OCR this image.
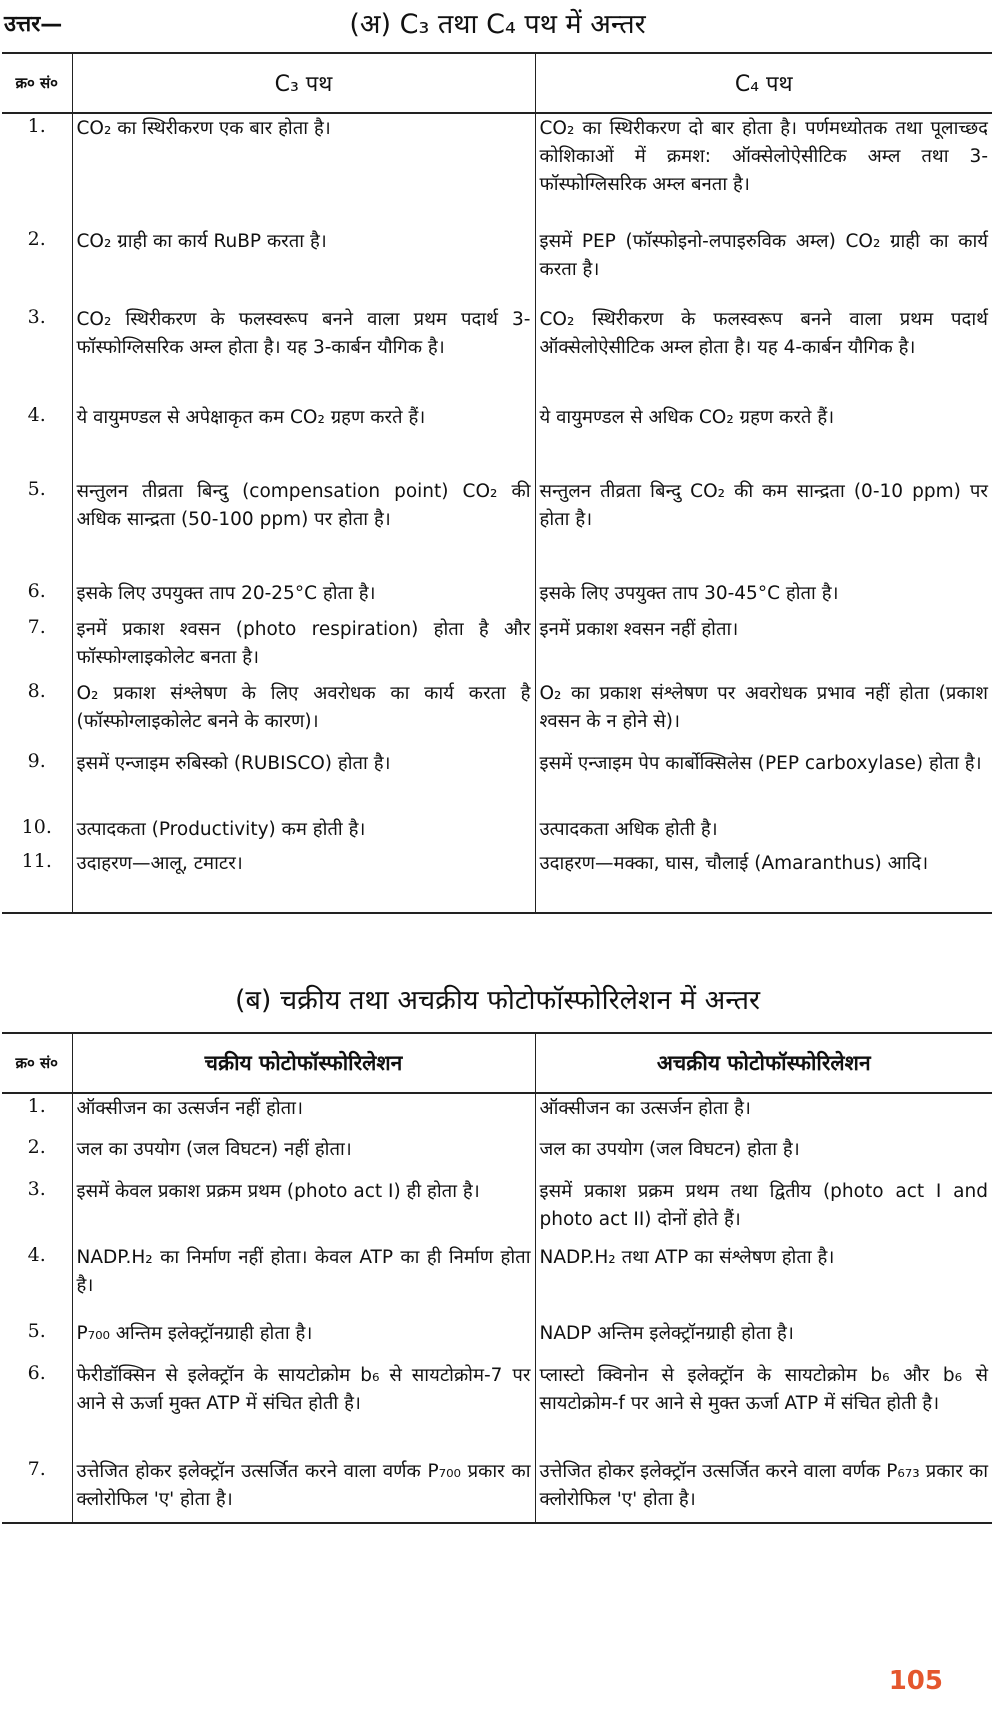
उत्तर—	(अ) C₃ तथा C₄ पथ में अन्तर
क्र० सं०	C₃ पथ	C₄ पथ
1.	CO₂ का स्थिरीकरण एक बार होता है।	CO₂ का स्थिरीकरण दो बार होता है। पर्णमध्योतक तथा पूलाच्छद कोशिकाओं में क्रमश: ऑक्सेलोऐसीटिक अम्ल तथा 3-फॉस्फोग्लिसरिक अम्ल बनता है।
2.	CO₂ ग्राही का कार्य RuBP करता है।	इसमें PEP (फॉस्फोइनो-लपाइरुविक अम्ल) CO₂ ग्राही का कार्य करता है।
3.	CO₂ स्थिरीकरण के फलस्वरूप बनने वाला प्रथम पदार्थ 3-फॉस्फोग्लिसरिक अम्ल होता है। यह 3-कार्बन यौगिक है।	CO₂ स्थिरीकरण के फलस्वरूप बनने वाला प्रथम पदार्थ ऑक्सेलोऐसीटिक अम्ल होता है। यह 4-कार्बन यौगिक है।
4.	ये वायुमण्डल से अपेक्षाकृत कम CO₂ ग्रहण करते हैं।	ये वायुमण्डल से अधिक CO₂ ग्रहण करते हैं।
5.	सन्तुलन तीव्रता बिन्दु (compensation point) CO₂ की अधिक सान्द्रता (50-100 ppm) पर होता है।	सन्तुलन तीव्रता बिन्दु CO₂ की कम सान्द्रता (0-10 ppm) पर होता है।
6.	इसके लिए उपयुक्त ताप 20-25°C होता है।	इसके लिए उपयुक्त ताप 30-45°C होता है।
7.	इनमें प्रकाश श्वसन (photo respiration) होता है और फॉस्फोग्लाइकोलेट बनता है।	इनमें प्रकाश श्वसन नहीं होता।
8.	O₂ प्रकाश संश्लेषण के लिए अवरोधक का कार्य करता है (फॉस्फोग्लाइकोलेट बनने के कारण)।	O₂ का प्रकाश संश्लेषण पर अवरोधक प्रभाव नहीं होता (प्रकाश श्वसन के न होने से)।
9.	इसमें एन्जाइम रुबिस्को (RUBISCO) होता है।	इसमें एन्जाइम पेप कार्बोक्सिलेस (PEP carboxylase) होता है।
10.	उत्पादकता (Productivity) कम होती है।	उत्पादकता अधिक होती है।
11.	उदाहरण—आलू, टमाटर।	उदाहरण—मक्का, घास, चौलाई (Amaranthus) आदि।
(ब) चक्रीय तथा अचक्रीय फोटोफॉस्फोरिलेशन में अन्तर
क्र० सं०	चक्रीय फोटोफॉस्फोरिलेशन	अचक्रीय फोटोफॉस्फोरिलेशन
1.	ऑक्सीजन का उत्सर्जन नहीं होता।	ऑक्सीजन का उत्सर्जन होता है।
2.	जल का उपयोग (जल विघटन) नहीं होता।	जल का उपयोग (जल विघटन) होता है।
3.	इसमें केवल प्रकाश प्रक्रम प्रथम (photo act I) ही होता है।	इसमें प्रकाश प्रक्रम प्रथम तथा द्वितीय (photo act I and photo act II) दोनों होते हैं।
4.	NADP.H₂ का निर्माण नहीं होता। केवल ATP का ही निर्माण होता है।	NADP.H₂ तथा ATP का संश्लेषण होता है।
5.	P₇₀₀ अन्तिम इलेक्ट्रॉनग्राही होता है।	NADP अन्तिम इलेक्ट्रॉनग्राही होता है।
6.	फेरीडॉक्सिन से इलेक्ट्रॉन के सायटोक्रोम b₆ से सायटोक्रोम-7 पर आने से ऊर्जा मुक्त ATP में संचित होती है।	प्लास्टो क्विनोन से इलेक्ट्रॉन के सायटोक्रोम b₆ और b₆ से सायटोक्रोम-f पर आने से मुक्त ऊर्जा ATP में संचित होती है।
7.	उत्तेजित होकर इलेक्ट्रॉन उत्सर्जित करने वाला वर्णक P₇₀₀ प्रकार का क्लोरोफिल 'ए' होता है।	उत्तेजित होकर इलेक्ट्रॉन उत्सर्जित करने वाला वर्णक P₆₇₃ प्रकार का क्लोरोफिल 'ए' होता है।
105
